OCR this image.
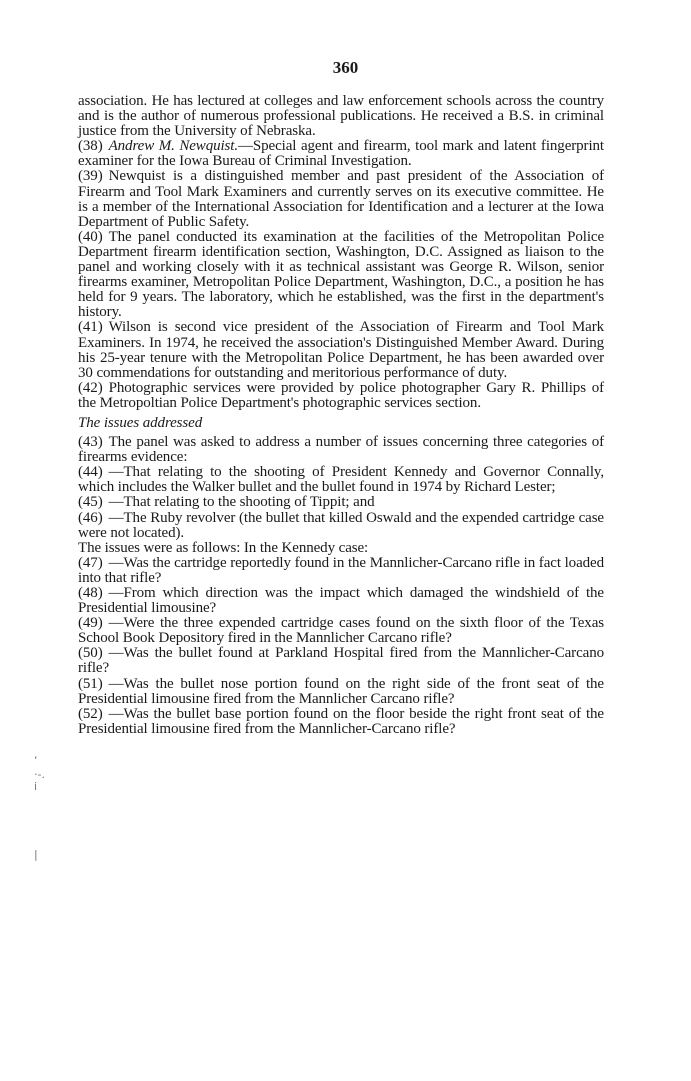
360
,
·-.
i
|

association. He has lectured at colleges and law enforcement schools across the country and is the author of numerous professional publications. He received a B.S. in criminal justice from the University of Nebraska.

(38) Andrew M. Newquist.—Special agent and firearm, tool mark and latent fingerprint examiner for the Iowa Bureau of Criminal Investigation.

(39) Newquist is a distinguished member and past president of the Association of Firearm and Tool Mark Examiners and currently serves on its executive committee. He is a member of the International Association for Identification and a lecturer at the Iowa Department of Public Safety.

(40) The panel conducted its examination at the facilities of the Metropolitan Police Department firearm identification section, Washington, D.C. Assigned as liaison to the panel and working closely with it as technical assistant was George R. Wilson, senior firearms examiner, Metropolitan Police Department, Washington, D.C., a position he has held for 9 years. The laboratory, which he established, was the first in the department's history.

(41) Wilson is second vice president of the Association of Firearm and Tool Mark Examiners. In 1974, he received the association's Distinguished Member Award. During his 25-year tenure with the Metropolitan Police Department, he has been awarded over 30 commendations for outstanding and meritorious performance of duty.

(42) Photographic services were provided by police photographer Gary R. Phillips of the Metropoltian Police Department's photographic services section.

The issues addressed

(43) The panel was asked to address a number of issues concerning three categories of firearms evidence:

(44) —That relating to the shooting of President Kennedy and Governor Connally, which includes the Walker bullet and the bullet found in 1974 by Richard Lester;

(45) —That relating to the shooting of Tippit; and

(46) —The Ruby revolver (the bullet that killed Oswald and the expended cartridge case were not located).

The issues were as follows: In the Kennedy case:

(47) —Was the cartridge reportedly found in the Mannlicher-Carcano rifle in fact loaded into that rifle?

(48) —From which direction was the impact which damaged the windshield of the Presidential limousine?

(49) —Were the three expended cartridge cases found on the sixth floor of the Texas School Book Depository fired in the Mannlicher Carcano rifle?

(50) —Was the bullet found at Parkland Hospital fired from the Mannlicher-Carcano rifle?

(51) —Was the bullet nose portion found on the right side of the front seat of the Presidential limousine fired from the Mannlicher Carcano rifle?

(52) —Was the bullet base portion found on the floor beside the right front seat of the Presidential limousine fired from the Mannlicher-Carcano rifle?
